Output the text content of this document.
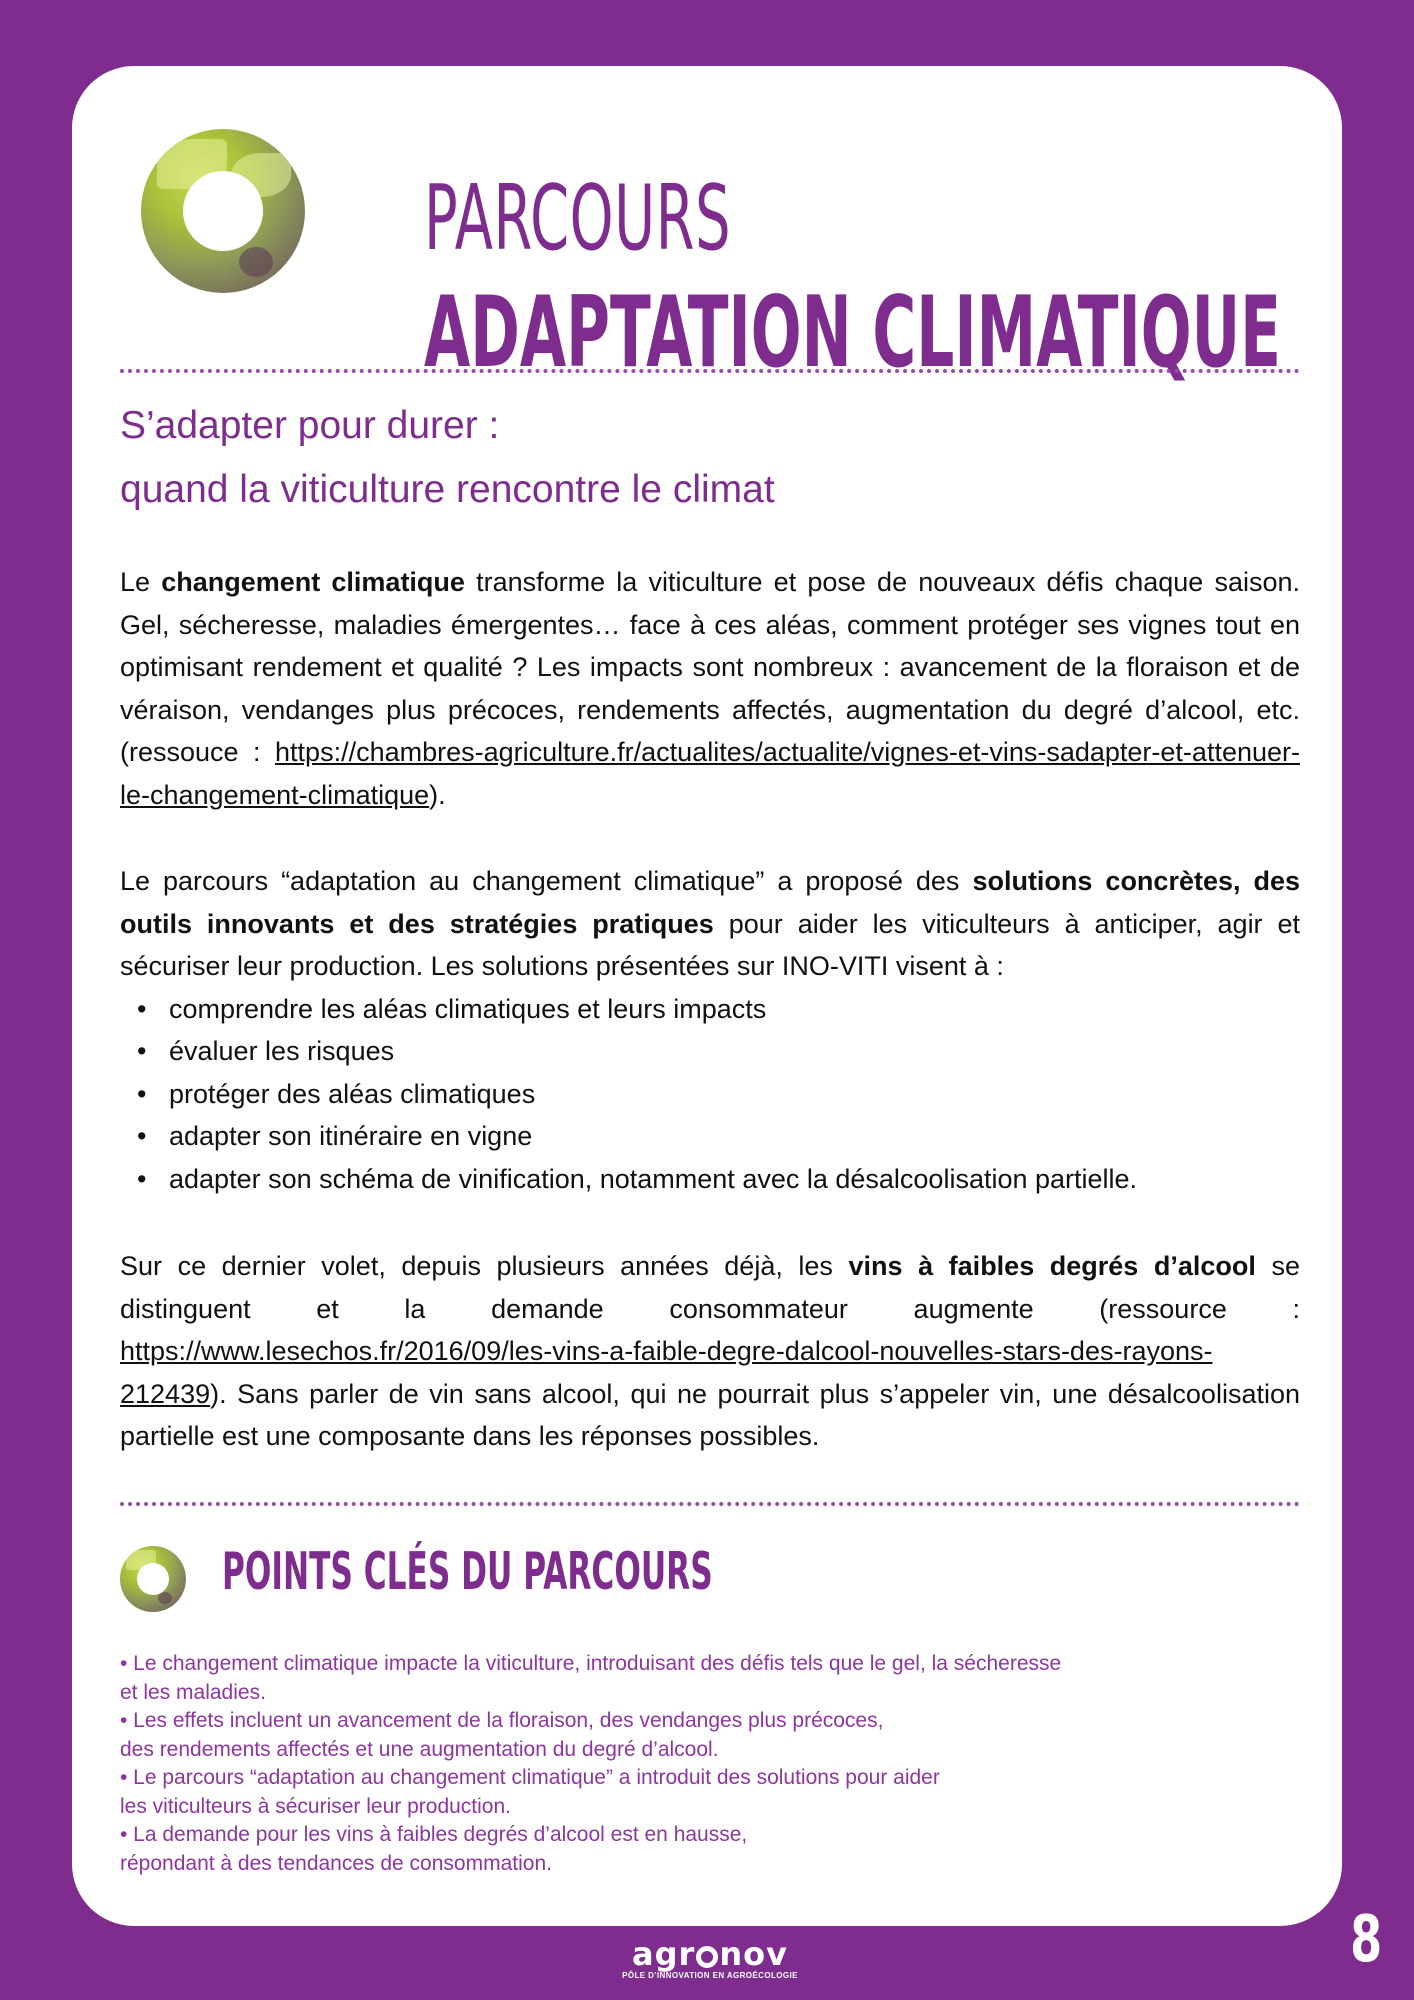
PARCOURS
ADAPTATION CLIMATIQUE
S’adapter pour durer :
quand la viticulture rencontre le climat

Le changement climatique transforme la viticulture et pose de nouveaux défis chaque saison. Gel, sécheresse, maladies émergentes… face à ces aléas, comment protéger ses vignes tout en optimisant rendement et qualité ? Les impacts sont nombreux : avancement de la floraison et de véraison, vendanges plus précoces, rendements affectés, augmentation du degré d’alcool, etc. (ressouce : https://chambres-agriculture.fr/actualites/actualite/vignes-et-vins-sadapter-et-attenuer-le-changement-climatique).

Le parcours “adaptation au changement climatique” a proposé des solutions concrètes, des outils innovants et des stratégies pratiques pour aider les viticulteurs à anticiper, agir et sécuriser leur production. Les solutions présentées sur INO-VITI visent à :

• comprendre les aléas climatiques et leurs impacts
• évaluer les risques
• protéger des aléas climatiques
• adapter son itinéraire en vigne
• adapter son schéma de vinification, notamment avec la désalcoolisation partielle.

Sur ce dernier volet, depuis plusieurs années déjà, les vins à faibles degrés d’alcool se distinguent et la demande consommateur augmente (ressource : https://www.lesechos.fr/2016/09/les-vins-a-faible-degre-dalcool-nouvelles-stars-des-rayons-212439). Sans parler de vin sans alcool, qui ne pourrait plus s’appeler vin, une désalcoolisation partielle est une composante dans les réponses possibles.

POINTS CLÉS DU PARCOURS

• Le changement climatique impacte la viticulture, introduisant des défis tels que le gel, la sécheresse
et les maladies.

• Les effets incluent un avancement de la floraison, des vendanges plus précoces,
des rendements affectés et une augmentation du degré d’alcool.

• Le parcours “adaptation au changement climatique” a introduit des solutions pour aider
les viticulteurs à sécuriser leur production.

• La demande pour les vins à faibles degrés d’alcool est en hausse,
répondant à des tendances de consommation.

agr nov
PÔLE D’INNOVATION EN AGROÉCOLOGIE	8
